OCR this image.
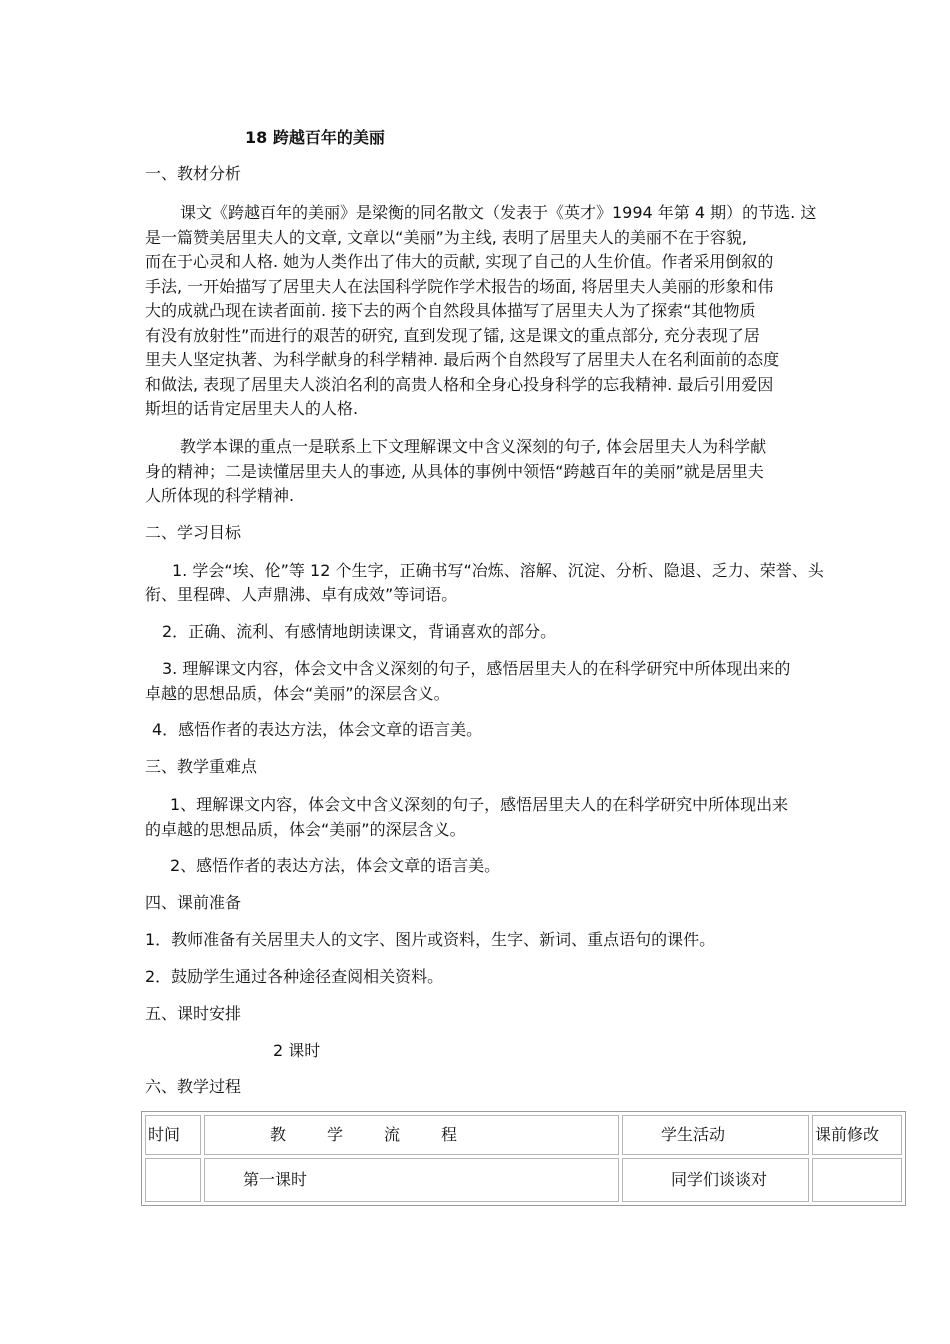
18 跨越百年的美丽
一、教材分析
课文《跨越百年的美丽》是梁衡的同名散文（发表于《英才》1994 年第 4 期）的节选. 这
是一篇赞美居里夫人的文章, 文章以“美丽”为主线, 表明了居里夫人的美丽不在于容貌,
而在于心灵和人格. 她为人类作出了伟大的贡献, 实现了自己的人生价值。作者采用倒叙的
手法, 一开始描写了居里夫人在法国科学院作学术报告的场面, 将居里夫人美丽的形象和伟
大的成就凸现在读者面前. 接下去的两个自然段具体描写了居里夫人为了探索“其他物质
有没有放射性”而进行的艰苦的研究, 直到发现了镭, 这是课文的重点部分, 充分表现了居
里夫人坚定执著、为科学献身的科学精神. 最后两个自然段写了居里夫人在名利面前的态度
和做法, 表现了居里夫人淡泊名利的高贵人格和全身心投身科学的忘我精神. 最后引用爱因
斯坦的话肯定居里夫人的人格.
教学本课的重点一是联系上下文理解课文中含义深刻的句子, 体会居里夫人为科学献
身的精神；二是读懂居里夫人的事迹, 从具体的事例中领悟“跨越百年的美丽”就是居里夫
人所体现的科学精神.
二、学习目标
1. 学会“埃、伦”等 12 个生字，正确书写“冶炼、溶解、沉淀、分析、隐退、乏力、荣誉、头
衔、里程碑、人声鼎沸、卓有成效”等词语。
2．正确、流利、有感情地朗读课文，背诵喜欢的部分。
3. 理解课文内容，体会文中含义深刻的句子，感悟居里夫人的在科学研究中所体现出来的
卓越的思想品质，体会“美丽”的深层含义。
4．感悟作者的表达方法，体会文章的语言美。
三、教学重难点
1、理解课文内容，体会文中含义深刻的句子，感悟居里夫人的在科学研究中所体现出来
的卓越的思想品质，体会“美丽”的深层含义。
2、感悟作者的表达方法，体会文章的语言美。
四、课前准备
1．教师准备有关居里夫人的文字、图片或资料，生字、新词、重点语句的课件。
2．鼓励学生通过各种途径查阅相关资料。
五、课时安排
2 课时
六、教学过程
时间	教 学 流 程	学生活动	课前修改
	第一课时	同学们谈谈对	
